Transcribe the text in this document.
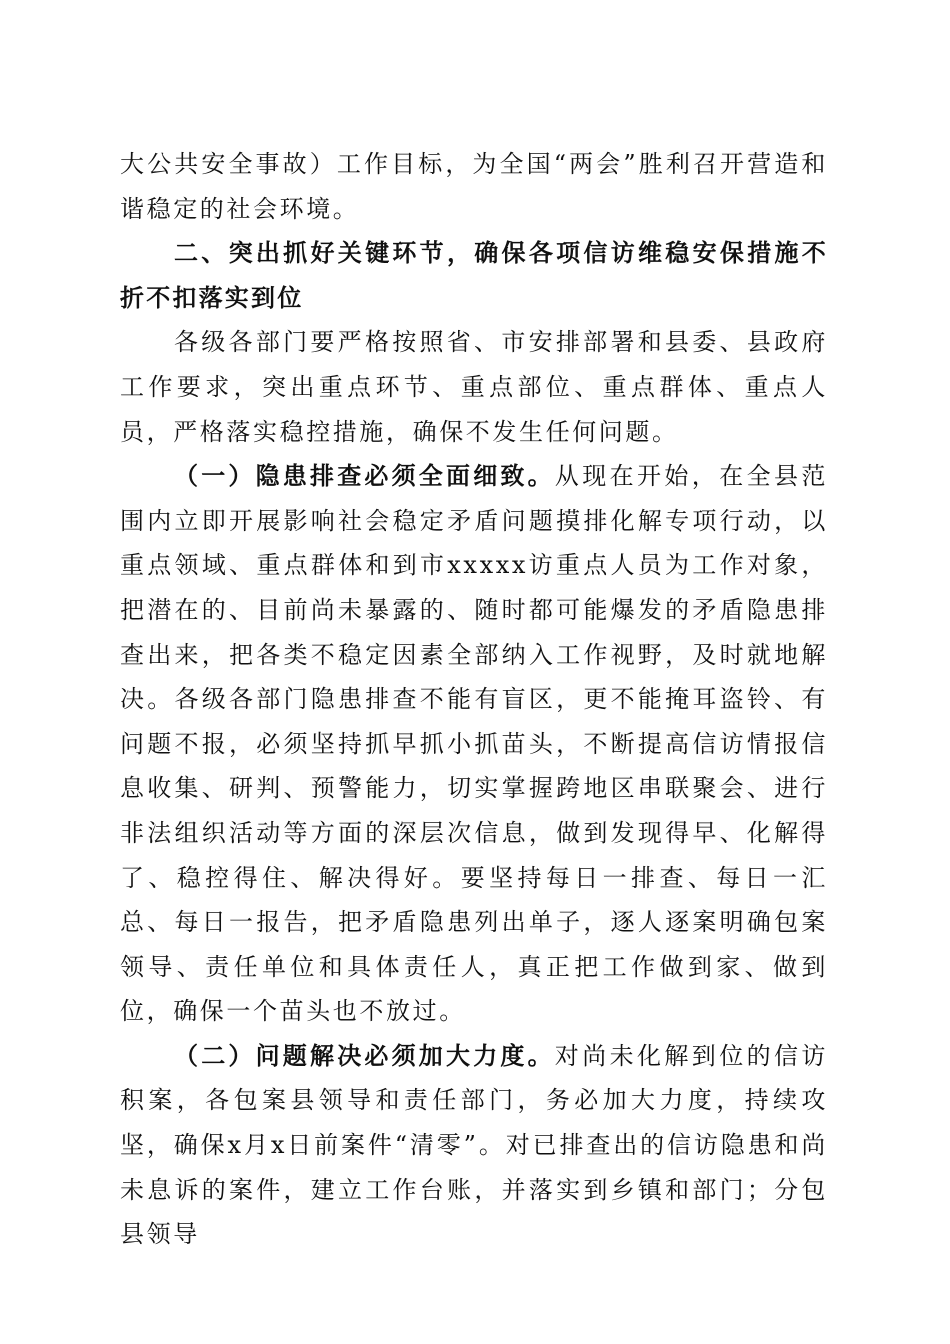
大公共安全事故）工作目标，为全国“两会”胜利召开营造和谐稳定的社会环境。

二、突出抓好关键环节，确保各项信访维稳安保措施不折不扣落实到位

各级各部门要严格按照省、市安排部署和县委、县政府工作要求，突出重点环节、重点部位、重点群体、重点人员，严格落实稳控措施，确保不发生任何问题。

（一）隐患排查必须全面细致。从现在开始，在全县范围内立即开展影响社会稳定矛盾问题摸排化解专项行动，以重点领域、重点群体和到市xxxxx访重点人员为工作对象，把潜在的、目前尚未暴露的、随时都可能爆发的矛盾隐患排查出来，把各类不稳定因素全部纳入工作视野，及时就地解决。各级各部门隐患排查不能有盲区，更不能掩耳盗铃、有问题不报，必须坚持抓早抓小抓苗头，不断提高信访情报信息收集、研判、预警能力，切实掌握跨地区串联聚会、进行非法组织活动等方面的深层次信息，做到发现得早、化解得了、稳控得住、解决得好。要坚持每日一排查、每日一汇总、每日一报告，把矛盾隐患列出单子，逐人逐案明确包案领导、责任单位和具体责任人，真正把工作做到家、做到位，确保一个苗头也不放过。

（二）问题解决必须加大力度。对尚未化解到位的信访积案，各包案县领导和责任部门，务必加大力度，持续攻坚，确保x月x日前案件“清零”。对已排查出的信访隐患和尚未息诉的案件，建立工作台账，并落实到乡镇和部门；分包县领导
